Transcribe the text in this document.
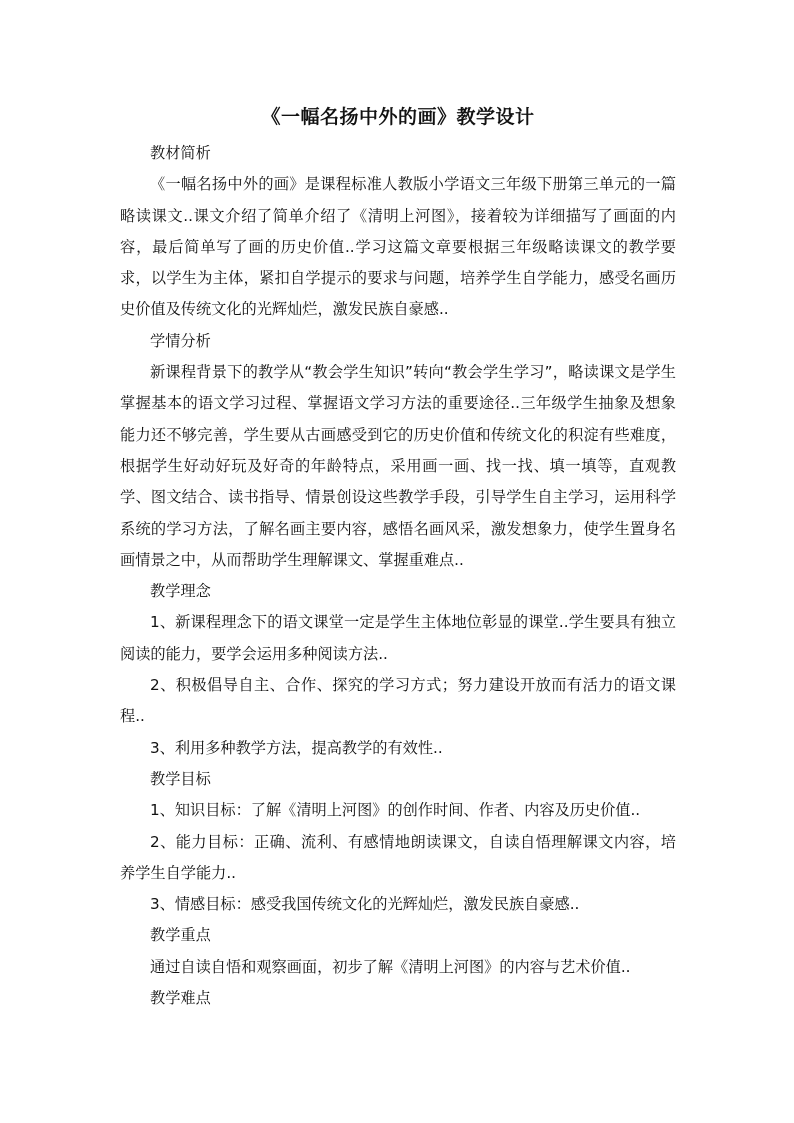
《一幅名扬中外的画》教学设计

教材简析

《一幅名扬中外的画》是课程标准人教版小学语文三年级下册第三单元的一篇略读课文..课文介绍了简单介绍了《清明上河图》，接着较为详细描写了画面的内容，最后简单写了画的历史价值..学习这篇文章要根据三年级略读课文的教学要求，以学生为主体，紧扣自学提示的要求与问题，培养学生自学能力，感受名画历史价值及传统文化的光辉灿烂，激发民族自豪感..

学情分析

新课程背景下的教学从“教会学生知识”转向“教会学生学习”，略读课文是学生掌握基本的语文学习过程、掌握语文学习方法的重要途径..三年级学生抽象及想象能力还不够完善，学生要从古画感受到它的历史价值和传统文化的积淀有些难度，根据学生好动好玩及好奇的年龄特点，采用画一画、找一找、填一填等，直观教学、图文结合、读书指导、情景创设这些教学手段，引导学生自主学习，运用科学系统的学习方法，了解名画主要内容，感悟名画风采，激发想象力，使学生置身名画情景之中，从而帮助学生理解课文、掌握重难点..

教学理念

1、新课程理念下的语文课堂一定是学生主体地位彰显的课堂..学生要具有独立阅读的能力，要学会运用多种阅读方法..

2、积极倡导自主、合作、探究的学习方式；努力建设开放而有活力的语文课程..

3、利用多种教学方法，提高教学的有效性..

教学目标

1、知识目标：了解《清明上河图》的创作时间、作者、内容及历史价值..

2、能力目标：正确、流利、有感情地朗读课文，自读自悟理解课文内容，培养学生自学能力..

3、情感目标：感受我国传统文化的光辉灿烂，激发民族自豪感..

教学重点

通过自读自悟和观察画面，初步了解《清明上河图》的内容与艺术价值..

教学难点
